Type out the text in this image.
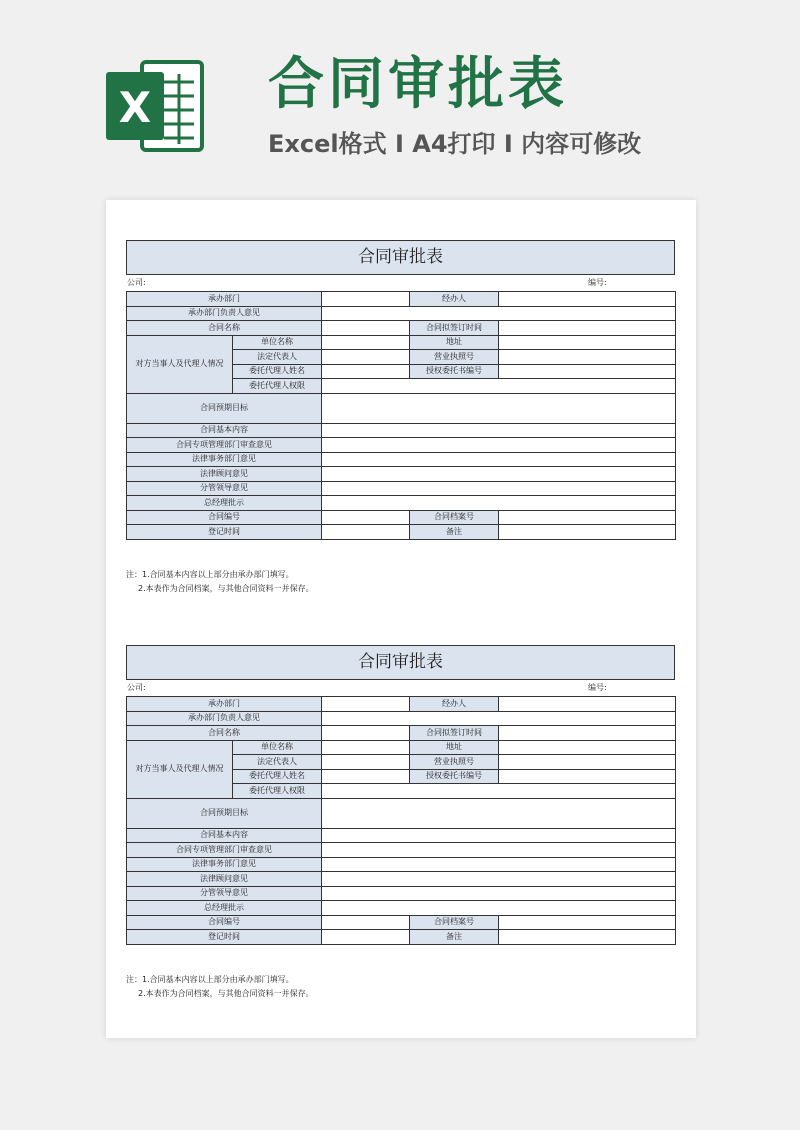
X 合同审批表
Excel格式 I A4打印 I 内容可修改
合同审批表
公司:	编号:
承办部门			经办人	
承办部门负责人意见				
合同名称			合同拟签订时间	
对方当事人及代理人情况	单位名称		地址	
	法定代表人		营业执照号	
	委托代理人姓名		授权委托书编号	
	委托代理人权限			
合同预期目标				
合同基本内容				
合同专项管理部门审查意见				
法律事务部门意见				
法律顾问意见				
分管领导意见				
总经理批示				
合同编号			合同档案号	
登记时间			备注	
注：1.合同基本内容以上部分由承办部门填写。
2.本表作为合同档案，与其他合同资料一并保存。
合同审批表
公司:	编号:
承办部门			经办人	
承办部门负责人意见				
合同名称			合同拟签订时间	
对方当事人及代理人情况	单位名称		地址	
	法定代表人		营业执照号	
	委托代理人姓名		授权委托书编号	
	委托代理人权限			
合同预期目标				
合同基本内容				
合同专项管理部门审查意见				
法律事务部门意见				
法律顾问意见				
分管领导意见				
总经理批示				
合同编号			合同档案号	
登记时间			备注	
注：1.合同基本内容以上部分由承办部门填写。
2.本表作为合同档案，与其他合同资料一并保存。
